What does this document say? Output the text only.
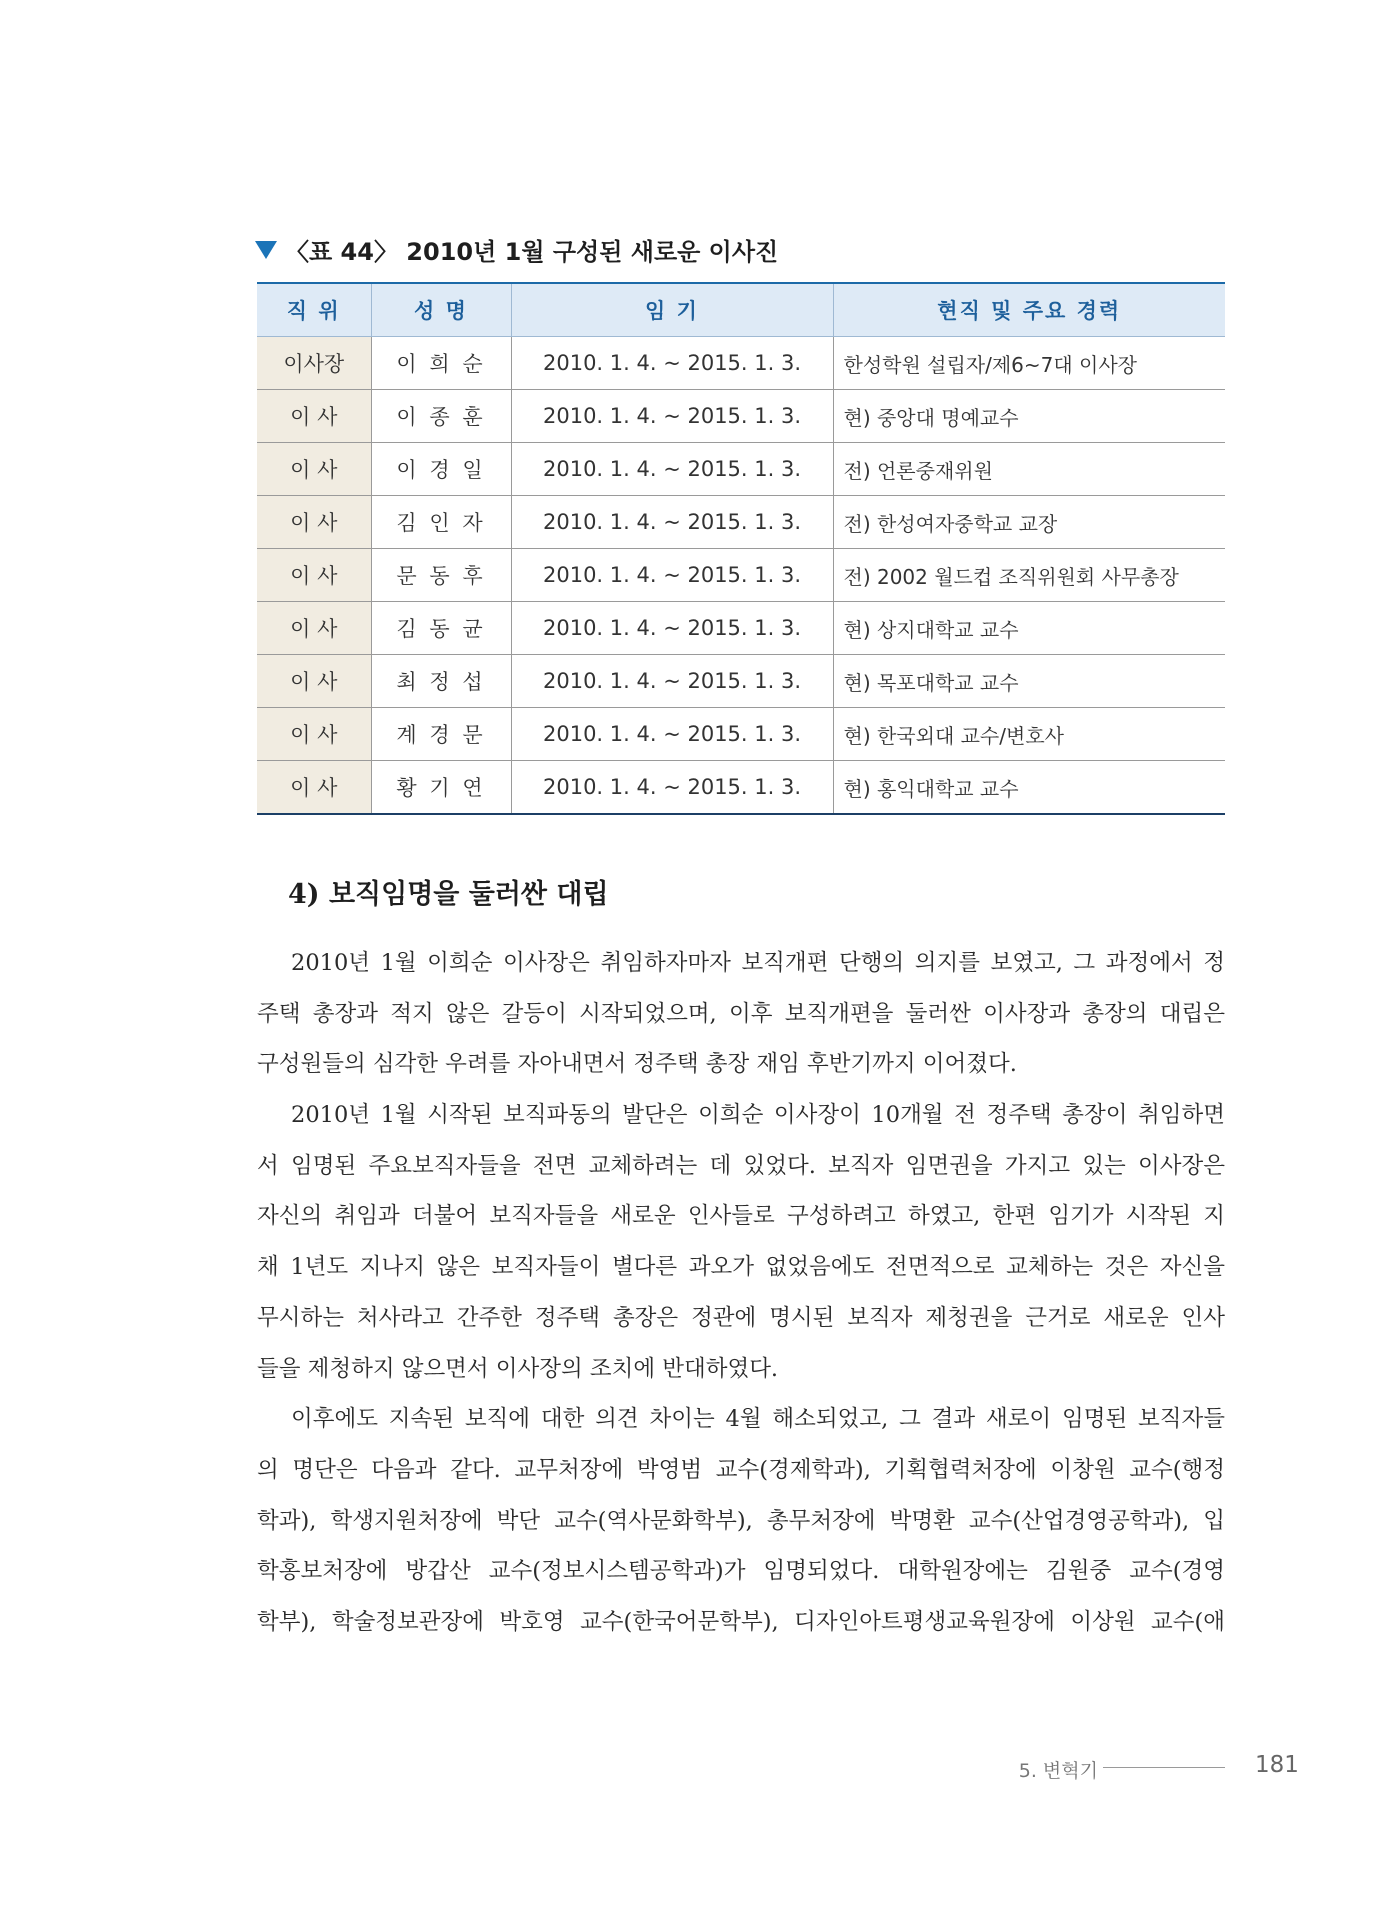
〈표 44〉 2010년 1월 구성된 새로운 이사진
직 위	성 명	임 기	현직 및 주요 경력
이사장	이 희 순	2010. 1. 4. ~ 2015. 1. 3.	한성학원 설립자/제6~7대 이사장
이 사	이 종 훈	2010. 1. 4. ~ 2015. 1. 3.	현) 중앙대 명예교수
이 사	이 경 일	2010. 1. 4. ~ 2015. 1. 3.	전) 언론중재위원
이 사	김 인 자	2010. 1. 4. ~ 2015. 1. 3.	전) 한성여자중학교 교장
이 사	문 동 후	2010. 1. 4. ~ 2015. 1. 3.	전) 2002 월드컵 조직위원회 사무총장
이 사	김 동 균	2010. 1. 4. ~ 2015. 1. 3.	현) 상지대학교 교수
이 사	최 정 섭	2010. 1. 4. ~ 2015. 1. 3.	현) 목포대학교 교수
이 사	계 경 문	2010. 1. 4. ~ 2015. 1. 3.	현) 한국외대 교수/변호사
이 사	황 기 연	2010. 1. 4. ~ 2015. 1. 3.	현) 홍익대학교 교수
4) 보직임명을 둘러싼 대립
2010년 1월 이희순 이사장은 취임하자마자 보직개편 단행의 의지를 보였고, 그 과정에서 정
주택 총장과 적지 않은 갈등이 시작되었으며, 이후 보직개편을 둘러싼 이사장과 총장의 대립은
구성원들의 심각한 우려를 자아내면서 정주택 총장 재임 후반기까지 이어졌다.
2010년 1월 시작된 보직파동의 발단은 이희순 이사장이 10개월 전 정주택 총장이 취임하면
서 임명된 주요보직자들을 전면 교체하려는 데 있었다. 보직자 임면권을 가지고 있는 이사장은
자신의 취임과 더불어 보직자들을 새로운 인사들로 구성하려고 하였고, 한편 임기가 시작된 지
채 1년도 지나지 않은 보직자들이 별다른 과오가 없었음에도 전면적으로 교체하는 것은 자신을
무시하는 처사라고 간주한 정주택 총장은 정관에 명시된 보직자 제청권을 근거로 새로운 인사
들을 제청하지 않으면서 이사장의 조치에 반대하였다.
이후에도 지속된 보직에 대한 의견 차이는 4월 해소되었고, 그 결과 새로이 임명된 보직자들
의 명단은 다음과 같다. 교무처장에 박영범 교수(경제학과), 기획협력처장에 이창원 교수(행정
학과), 학생지원처장에 박단 교수(역사문화학부), 총무처장에 박명환 교수(산업경영공학과), 입
학홍보처장에 방갑산 교수(정보시스템공학과)가 임명되었다. 대학원장에는 김원중 교수(경영
학부), 학술정보관장에 박호영 교수(한국어문학부), 디자인아트평생교육원장에 이상원 교수(애
5. 변혁기	181
